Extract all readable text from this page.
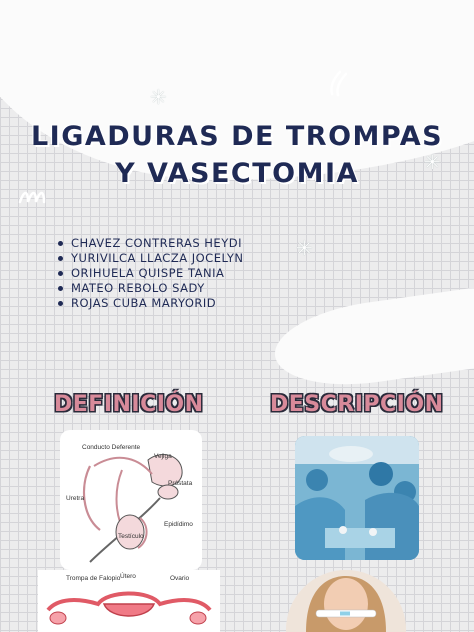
✳
✳
✳
LIGADURAS DE TROMPAS
Y VASECTOMIA
CHAVEZ CONTRERAS HEYDI
YURIVILCA LLACZA JOCELYN
ORIHUELA QUISPE TANIA
MATEO REBOLO SADY
ROJAS CUBA MARYORID
DEFINICIÓN	DESCRIPCIÓN
Conducto Deferente
Vejiga
Próstata
Uretra
Epidídimo
Testículo
Trompa de Falopio Útero	Ovario
